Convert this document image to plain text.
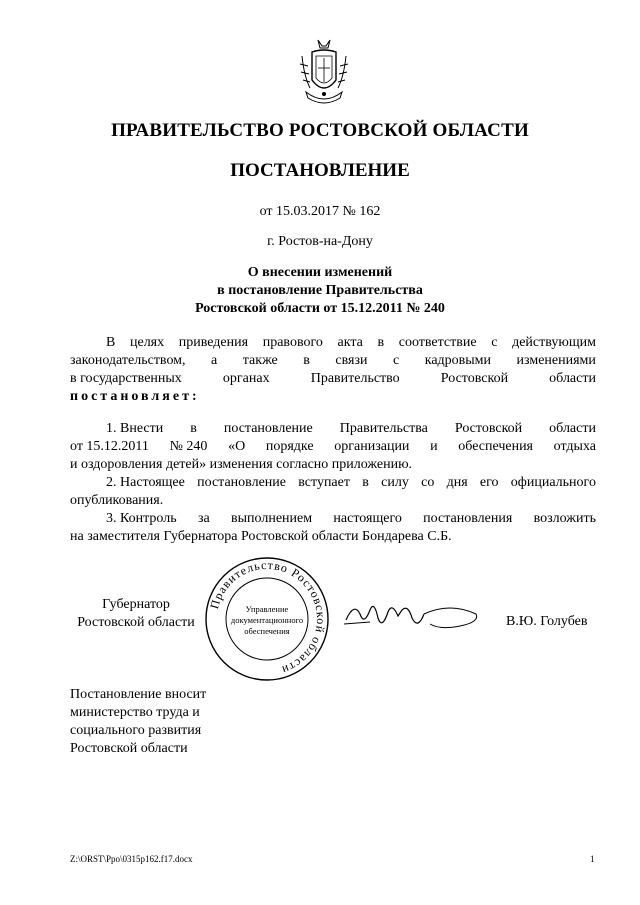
ПРАВИТЕЛЬСТВО РОСТОВСКОЙ ОБЛАСТИ
ПОСТАНОВЛЕНИЕ
от 15.03.2017 № 162
г. Ростов-на-Дону
О внесении изменений
в постановление Правительства
Ростовской области от 15.12.2011 № 240
В целях приведения правового акта в соответствие с действующим
законодательством, а также в связи с кадровыми изменениями
в государственных	органах	Правительство	Ростовской	области
постановляет:
1. Внести в постановление Правительства Ростовской области
от 15.12.2011 № 240 «О порядке организации и обеспечения отдыха
и оздоровления детей» изменения согласно приложению.
2. Настоящее постановление вступает в силу со дня его официального
опубликования.
3. Контроль за выполнением настоящего постановления возложить
на заместителя Губернатора Ростовской области Бондарева С.Б.
Губернатор
Ростовской области
Правительство Ростовской области
Управление
документационного
обеспечения
В.Ю. Голубев
Постановление вносит
министерство труда и
социального развития
Ростовской области
Z:\ORST\Ppo\0315p162.f17.docx	1
